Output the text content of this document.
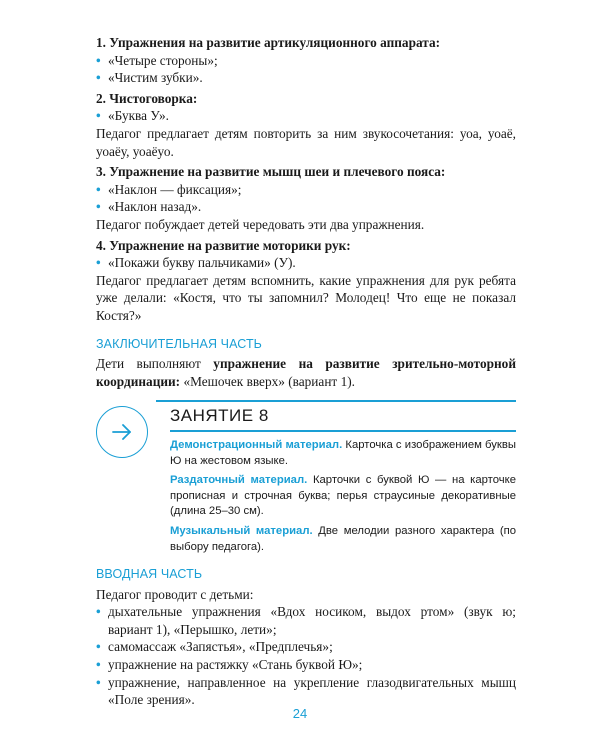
1. Упражнения на развитие артикуляционного аппарата:
• «Четыре стороны»;
• «Чистим зубки».
2. Чистоговорка:
• «Буква У».
Педагог предлагает детям повторить за ним звукосочетания: уоа, уоаё, уоаёу, уоаёуо.
3. Упражнение на развитие мышц шеи и плечевого пояса:
• «Наклон — фиксация»;
• «Наклон назад».
Педагог побуждает детей чередовать эти два упражнения.
4. Упражнение на развитие моторики рук:
• «Покажи букву пальчиками» (У).
Педагог предлагает детям вспомнить, какие упражнения для рук ребята уже делали: «Костя, что ты запомнил? Молодец! Что еще не показал Костя?»
ЗАКЛЮЧИТЕЛЬНАЯ ЧАСТЬ
Дети выполняют упражнение на развитие зрительно-моторной координации: «Мешочек вверх» (вариант 1).
ЗАНЯТИЕ 8
Демонстрационный материал. Карточка с изображением буквы Ю на жестовом языке.
Раздаточный материал. Карточки с буквой Ю — на карточке прописная и строчная буква; перья страусиные декоративные (длина 25–30 см).
Музыкальный материал. Две мелодии разного характера (по выбору педагога).
ВВОДНАЯ ЧАСТЬ
Педагог проводит с детьми:
• дыхательные упражнения «Вдох носиком, выдох ртом» (звук ю; вариант 1), «Перышко, лети»;
• самомассаж «Запястья», «Предплечья»;
• упражнение на растяжку «Стань буквой Ю»;
• упражнение, направленное на укрепление глазодвигательных мышц «Поле зрения».
24
